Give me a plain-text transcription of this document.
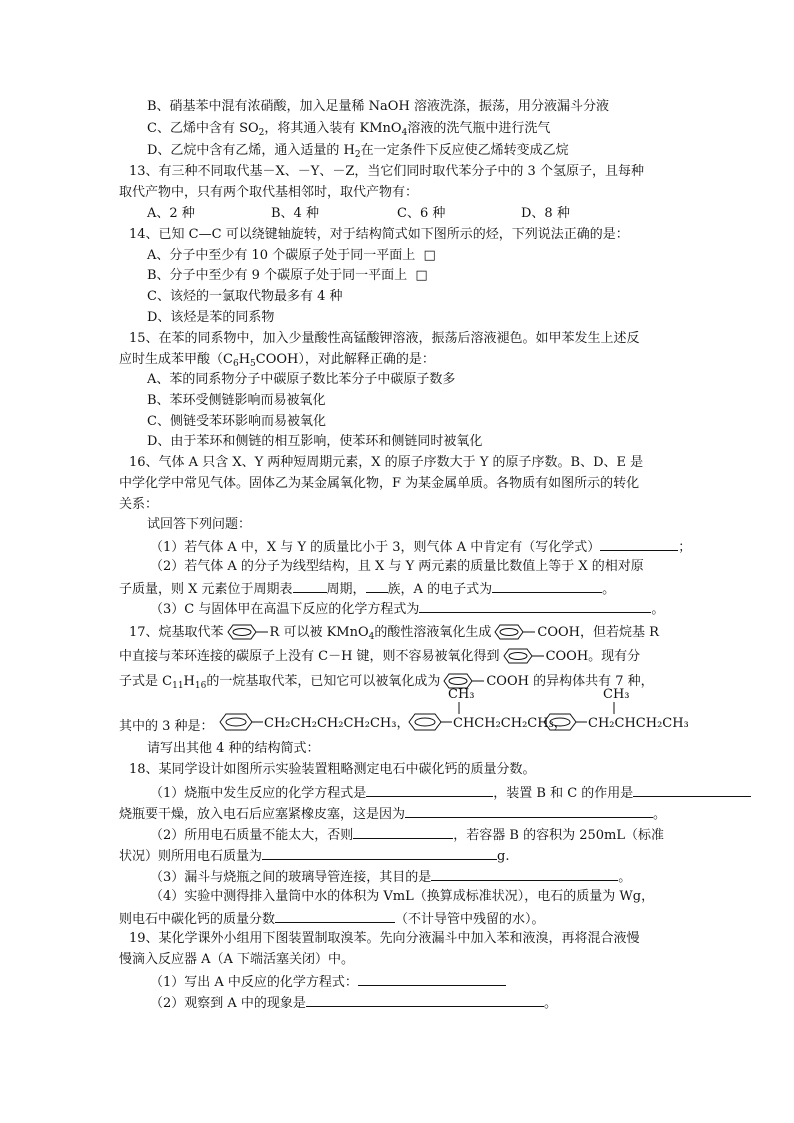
B、硝基苯中混有浓硝酸，加入足量稀 NaOH 溶液洗涤，振荡，用分液漏斗分液
C、乙烯中含有 $SO_2$，将其通入装有 KMnO$_4$溶液的洗气瓶中进行洗气
D、乙烷中含有乙烯，通入适量的 $H_2$在一定条件下反应使乙烯转变成乙烷
13、有三种不同取代基－X、－Y、－Z，当它们同时取代苯分子中的 3 个氢原子，且每种
取代产物中，只有两个取代基相邻时，取代产物有：
A、2 种	B、4 种	C、6 种	D、8 种
14、已知 C—C 可以绕键轴旋转，对于结构简式如下图所示的烃，下列说法正确的是：
A、分子中至少有 10 个碳原子处于同一平面上 □
B、分子中至少有 9 个碳原子处于同一平面上 □
C、该烃的一氯取代物最多有 4 种
D、该烃是苯的同系物
15、在苯的同系物中，加入少量酸性高锰酸钾溶液，振荡后溶液褪色。如甲苯发生上述反
应时生成苯甲酸$(C_6H_5COOH)$，对此解释正确的是：
A、苯的同系物分子中碳原子数比苯分子中碳原子数多
B、苯环受侧链影响而易被氧化
C、侧链受苯环影响而易被氧化
D、由于苯环和侧链的相互影响，使苯环和侧链同时被氧化
16、气体 A 只含 X、Y 两种短周期元素，X 的原子序数大于 Y 的原子序数。B、D、E 是
中学化学中常见气体。固体乙为某金属氧化物，F 为某金属单质。各物质有如图所示的转化
关系：
试回答下列问题：
（1）若气体 A 中，X 与 Y 的质量比小于 3，则气体 A 中肯定有（写化学式）	；
（2）若气体 A 的分子为线型结构，且 X 与 Y 两元素的质量比数值上等于 X 的相对原
子质量，则 X 元素位于周期表	周期， 族，A 的电子式为	。
（3）C 与固体甲在高温下反应的化学方程式为	。
17、烷基取代苯	R 可以被 KMnO$_4$的酸性溶液氧化生成	COOH，但若烷基 R
中直接与苯环连接的碳原子上没有 C－H 键，则不容易被氧化得到	COOH。现有分
子式是 $C_{11}H_{16}$的一烷基取代苯，已知它可以被氧化成为	COOH 的异构体共有 7 种，
其中的 3 种是：	CH₂CH₂CH₂CH₂CH₃，
CH₃
CHCH₂CH₂CH₃，
CH₃
CH₂CHCH₂CH₃
请写出其他 4 种的结构简式：
18、某同学设计如图所示实验装置粗略测定电石中碳化钙的质量分数。
（1）烧瓶中发生反应的化学方程式是	，装置 B 和 C 的作用是
烧瓶要干燥，放入电石后应塞紧橡皮塞，这是因为	。
（2）所用电石质量不能太大，否则	，若容器 B 的容积为 250mL（标准
状况）则所用电石质量为	g.
（3）漏斗与烧瓶之间的玻璃导管连接，其目的是	。
（4）实验中测得排入量筒中水的体积为 VmL（换算成标准状况），电石的质量为 Wg，
则电石中碳化钙的质量分数	（不计导管中残留的水）。
19、某化学课外小组用下图装置制取溴苯。先向分液漏斗中加入苯和液溴，再将混合液慢
慢滴入反应器 A（A 下端活塞关闭）中。
（1）写出 A 中反应的化学方程式：
（2）观察到 A 中的现象是	。
